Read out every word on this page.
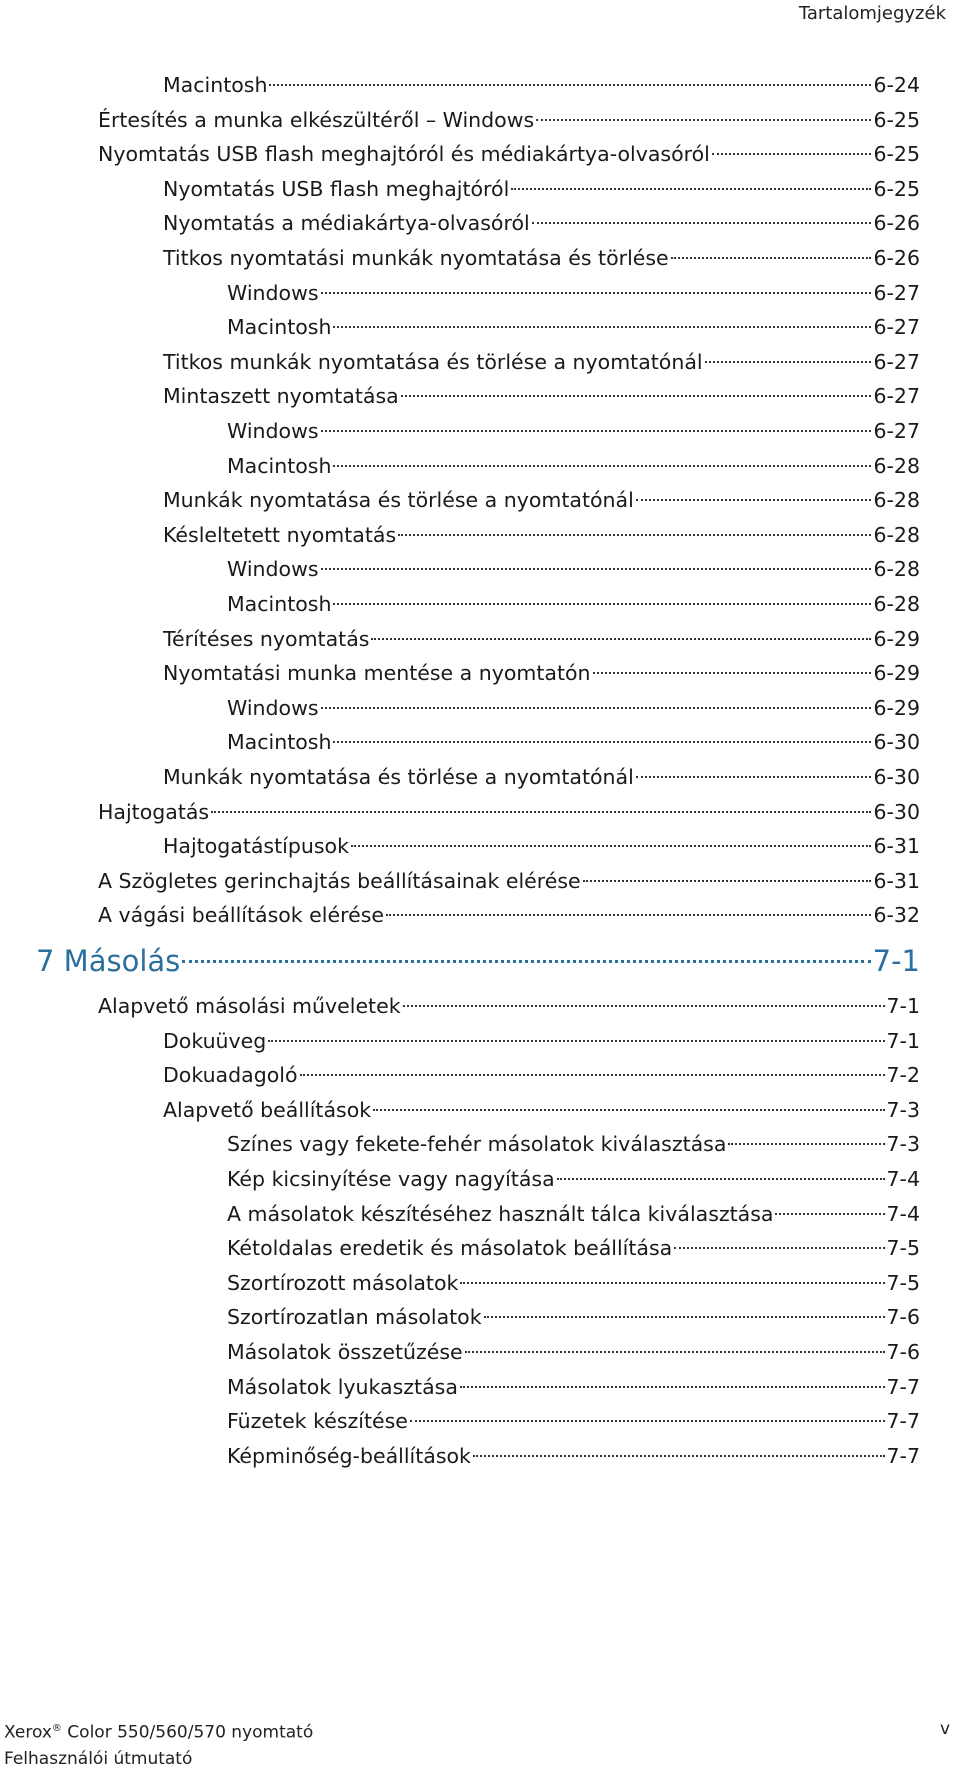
Tartalomjegyzék
Macintosh	6-24
Értesítés a munka elkészültéről – Windows	6-25
Nyomtatás USB flash meghajtóról és médiakártya-olvasóról	6-25
Nyomtatás USB flash meghajtóról	6-25
Nyomtatás a médiakártya-olvasóról	6-26
Titkos nyomtatási munkák nyomtatása és törlése	6-26
Windows	6-27
Macintosh	6-27
Titkos munkák nyomtatása és törlése a nyomtatónál	6-27
Mintaszett nyomtatása	6-27
Windows	6-27
Macintosh	6-28
Munkák nyomtatása és törlése a nyomtatónál	6-28
Késleltetett nyomtatás	6-28
Windows	6-28
Macintosh	6-28
Térítéses nyomtatás	6-29
Nyomtatási munka mentése a nyomtatón	6-29
Windows	6-29
Macintosh	6-30
Munkák nyomtatása és törlése a nyomtatónál	6-30
Hajtogatás	6-30
Hajtogatástípusok	6-31
A Szögletes gerinchajtás beállításainak elérése	6-31
A vágási beállítások elérése	6-32
7 Másolás	7-1
Alapvető másolási műveletek	7-1
Dokuüveg	7-1
Dokuadagoló	7-2
Alapvető beállítások	7-3
Színes vagy fekete-fehér másolatok kiválasztása	7-3
Kép kicsinyítése vagy nagyítása	7-4
A másolatok készítéséhez használt tálca kiválasztása	7-4
Kétoldalas eredetik és másolatok beállítása	7-5
Szortírozott másolatok	7-5
Szortírozatlan másolatok	7-6
Másolatok összetűzése	7-6
Másolatok lyukasztása	7-7
Füzetek készítése	7-7
Képminőség-beállítások	7-7
Xerox® Color 550/560/570 nyomtató
Felhasználói útmutató
v
